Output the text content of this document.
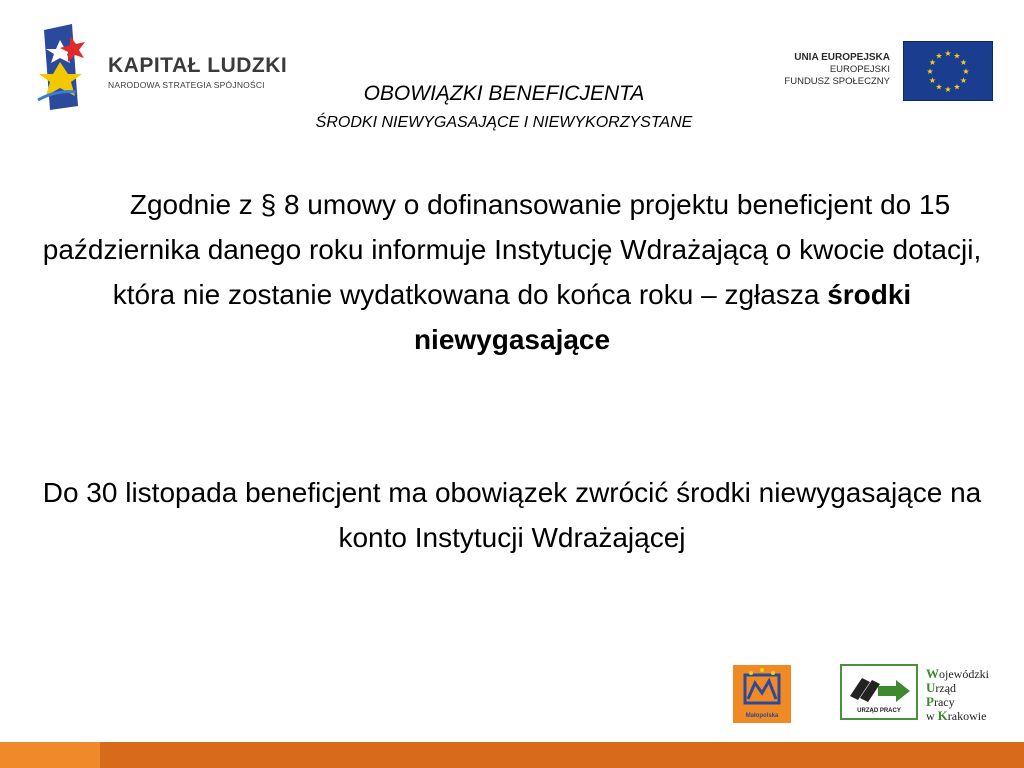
KAPITAŁ LUDZKI
NARODOWA STRATEGIA SPÓJNOŚCI
UNIA EUROPEJSKA
EUROPEJSKI
FUNDUSZ SPOŁECZNY
★ ★
★
★
★
★
★
★
★
★
★
★
OBOWIĄZKI BENEFICJENTA
ŚRODKI NIEWYGASAJĄCE I NIEWYKORZYSTANE
Zgodnie z § 8 umowy o dofinansowanie projektu beneficjent do 15 października danego roku informuje Instytucję Wdrażającą o kwocie dotacji, która nie zostanie wydatkowana do końca roku – zgłasza środki niewygasające
Do 30 listopada beneficjent ma obowiązek zwrócić środki niewygasające na konto Instytucji Wdrażającej
Małopolska
URZĄD PRACY
Wojewódzki
Urząd
Pracy
w Krakowie
